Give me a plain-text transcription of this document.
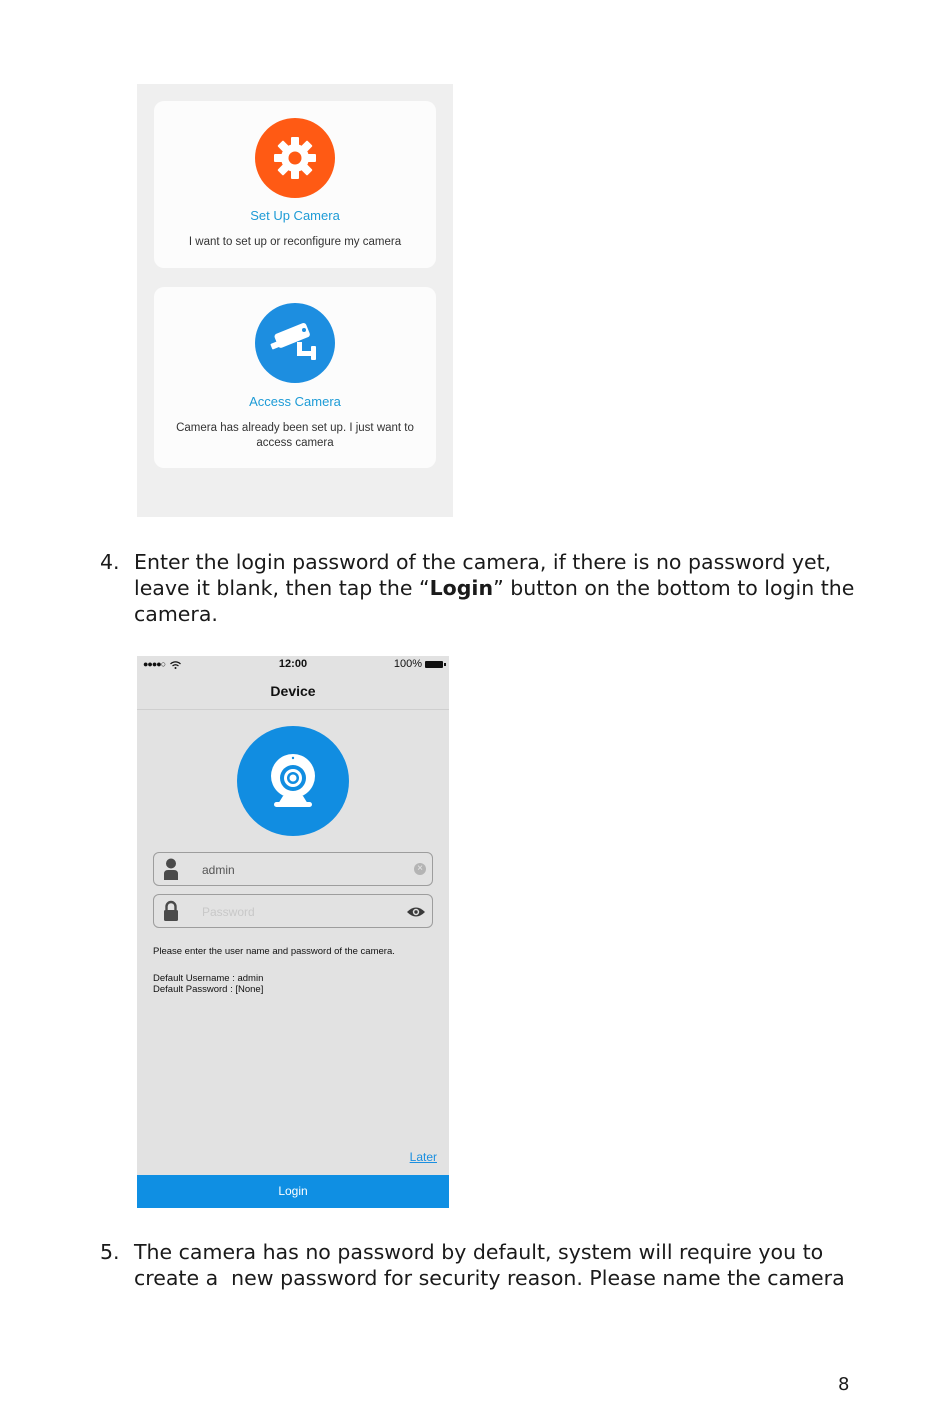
Set Up Camera
I want to set up or reconfigure my camera
Access Camera
Camera has already been set up. I just want to access camera
4. Enter the login password of the camera, if there is no password yet, leave it blank, then tap the “Login” button on the bottom to login the camera.
●●●●○	12:00	100%
Device
admin
×
Please enter the user name and password of the camera.
Default Username : admin
Default Password : [None]
Later
Login
5. The camera has no password by default, system will require you to create a  new password for security reason. Please name the camera
8
